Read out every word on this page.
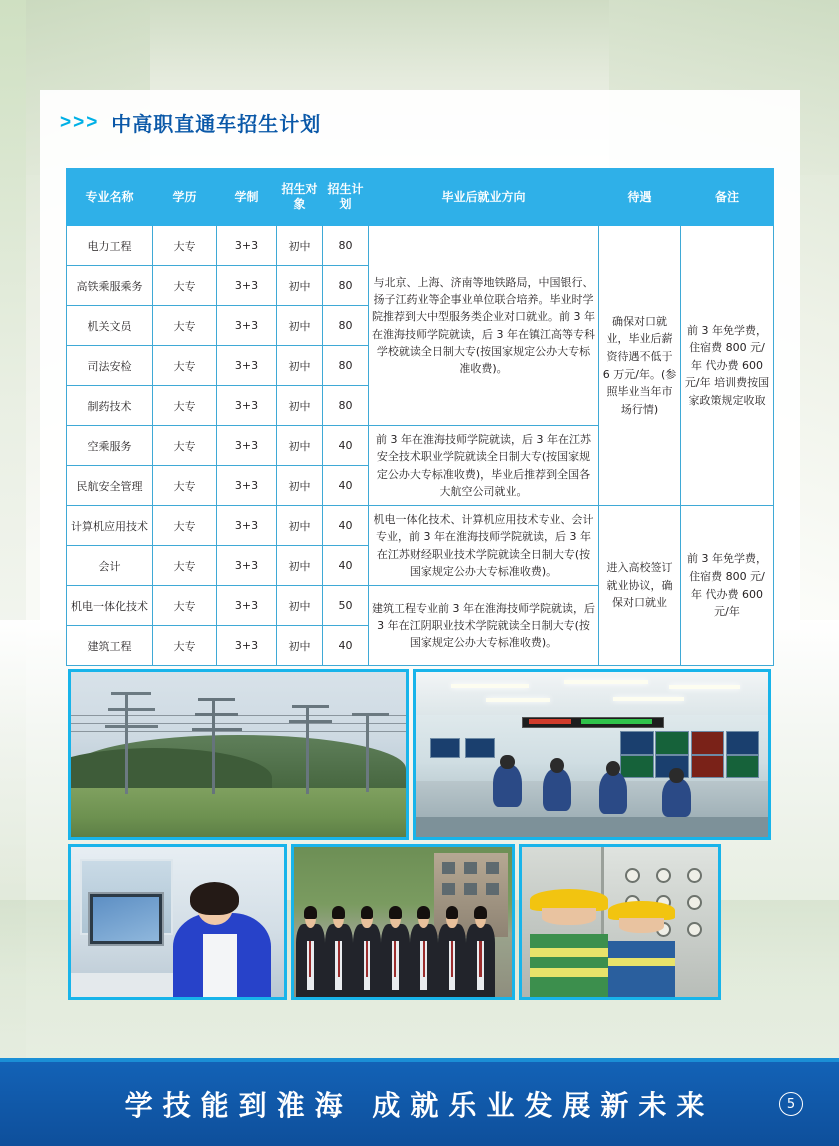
>>> 中高职直通车招生计划
专业名称	学历	学制	招生对象	招生计划	毕业后就业方向	待遇	备注
电力工程	大专	3+3	初中	80	与北京、上海、济南等地铁路局，中国银行、扬子江药业等企事业单位联合培养。毕业时学院推荐到大中型服务类企业对口就业。前 3 年在淮海技师学院就读，后 3 年在镇江高等专科学校就读全日制大专(按国家规定公办大专标准收费)。	确保对口就业，毕业后薪资待遇不低于 6 万元/年。(参照毕业当年市场行情)	前 3 年免学费，住宿费 800 元/年 代办费 600 元/年 培训费按国家政策规定收取
高铁乘服乘务	大专	3+3	初中	80			
机关文员	大专	3+3	初中	80			
司法安检	大专	3+3	初中	80			
制药技术	大专	3+3	初中	80			
空乘服务	大专	3+3	初中	40	前 3 年在淮海技师学院就读，后 3 年在江苏安全技术职业学院就读全日制大专(按国家规定公办大专标准收费)，毕业后推荐到全国各大航空公司就业。		
民航安全管理	大专	3+3	初中	40			
计算机应用技术	大专	3+3	初中	40	机电一体化技术、计算机应用技术专业、会计专业，前 3 年在淮海技师学院就读，后 3 年在江苏财经职业技术学院就读全日制大专(按国家规定公办大专标准收费)。	进入高校签订就业协议，确保对口就业	前 3 年免学费，住宿费 800 元/年 代办费 600 元/年
会计	大专	3+3	初中	40			
机电一体化技术	大专	3+3	初中	50	建筑工程专业前 3 年在淮海技师学院就读，后 3 年在江阴职业技术学院就读全日制大专(按国家规定公办大专标准收费)。		
建筑工程	大专	3+3	初中	40			
学技能到淮海 成就乐业发展新未来	5
